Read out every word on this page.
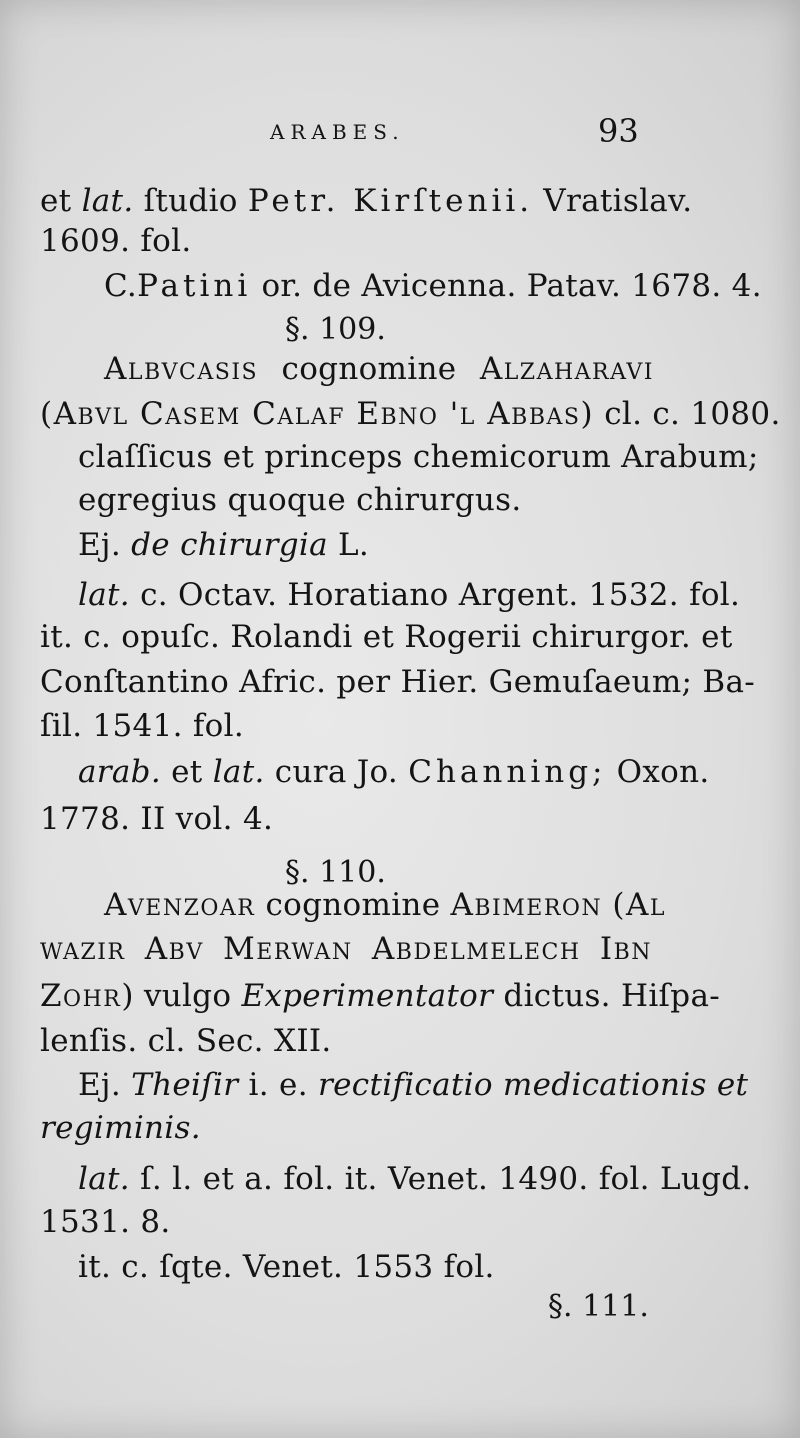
ARABES.	93
et lat. ſtudio Petr. Kirſtenii. Vratislav.
1609. fol.
C.Patini or. de Avicenna. Patav. 1678. 4.
§. 109.
Albvcasis cognomine Alzaharavi
(Abvl Casem Calaf Ebno 'l Abbas) cl. c. 1080.
claſſicus et princeps chemicorum Arabum;
egregius quoque chirurgus.
Ej. de chirurgia L.
lat. c. Octav. Horatiano Argent. 1532. fol.
it. c. opuſc. Rolandi et Rogerii chirurgor. et
Conſtantino Afric. per Hier. Gemuſaeum; Ba-
ſil. 1541. fol.
arab. et lat. cura Jo. Channing; Oxon.
1778. II vol. 4.
§. 110.
Avenzoar cognomine Abimeron (Al
wazir Abv Merwan Abdelmelech Ibn
Zohr) vulgo Experimentator dictus. Hiſpa-
lenſis. cl. Sec. XII.
Ej. Theiſir i. e. rectificatio medicationis et
regiminis.
lat. ſ. l. et a. fol. it. Venet. 1490. fol. Lugd.
1531. 8.
it. c. ſqte. Venet. 1553 fol.
§. 111.
